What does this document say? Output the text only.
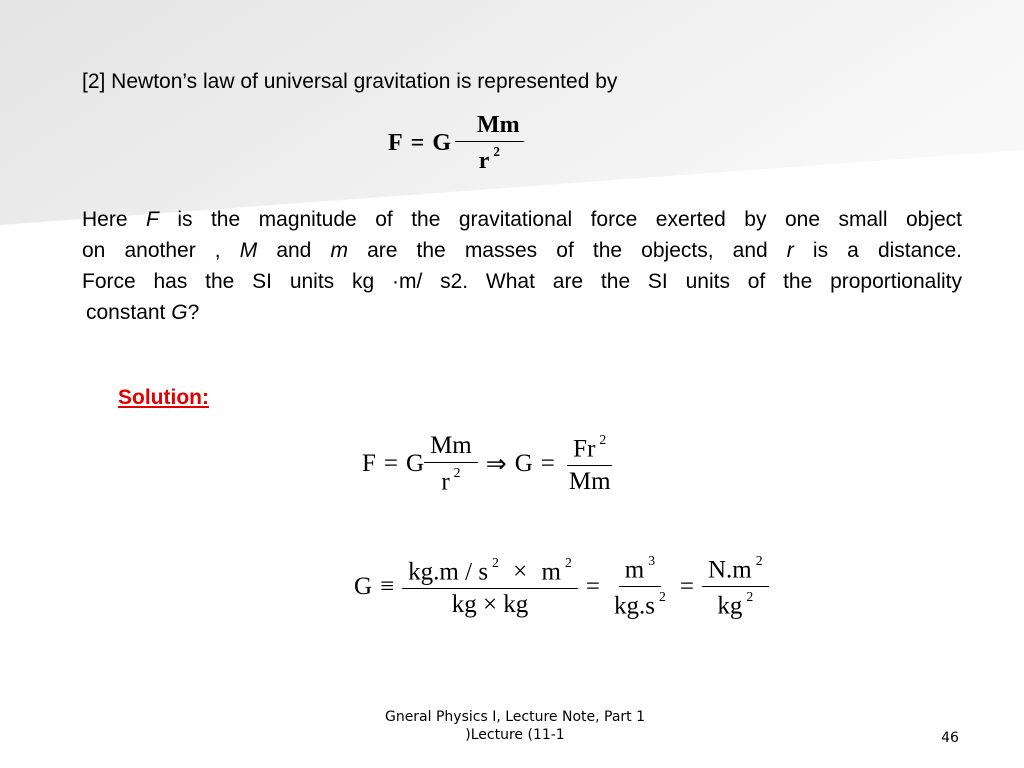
[2] Newton’s law of universal gravitation is represented by
F = G $\frac{Mm}{r ^2}$
Here F is the magnitude of the gravitational force exerted by one small object
on another , M and m are the masses of the objects, and r is a distance.
Force has the SI units kg ·m/ s2. What are the SI units of the proportionality
constant G?
Solution:
F = G $\frac{Mm}{r ^2}$ ⇒ $G = \frac{Fr ^2}{Mm}$
$G \equiv \frac{kg.m / s ^2 \times m ^2}{kg \times kg} = \frac{m ^3}{kg.s ^2} = \frac{N.m ^2}{kg ^2}$
Gneral Physics I, Lecture Note, Part 1
)Lecture (11-1	46
